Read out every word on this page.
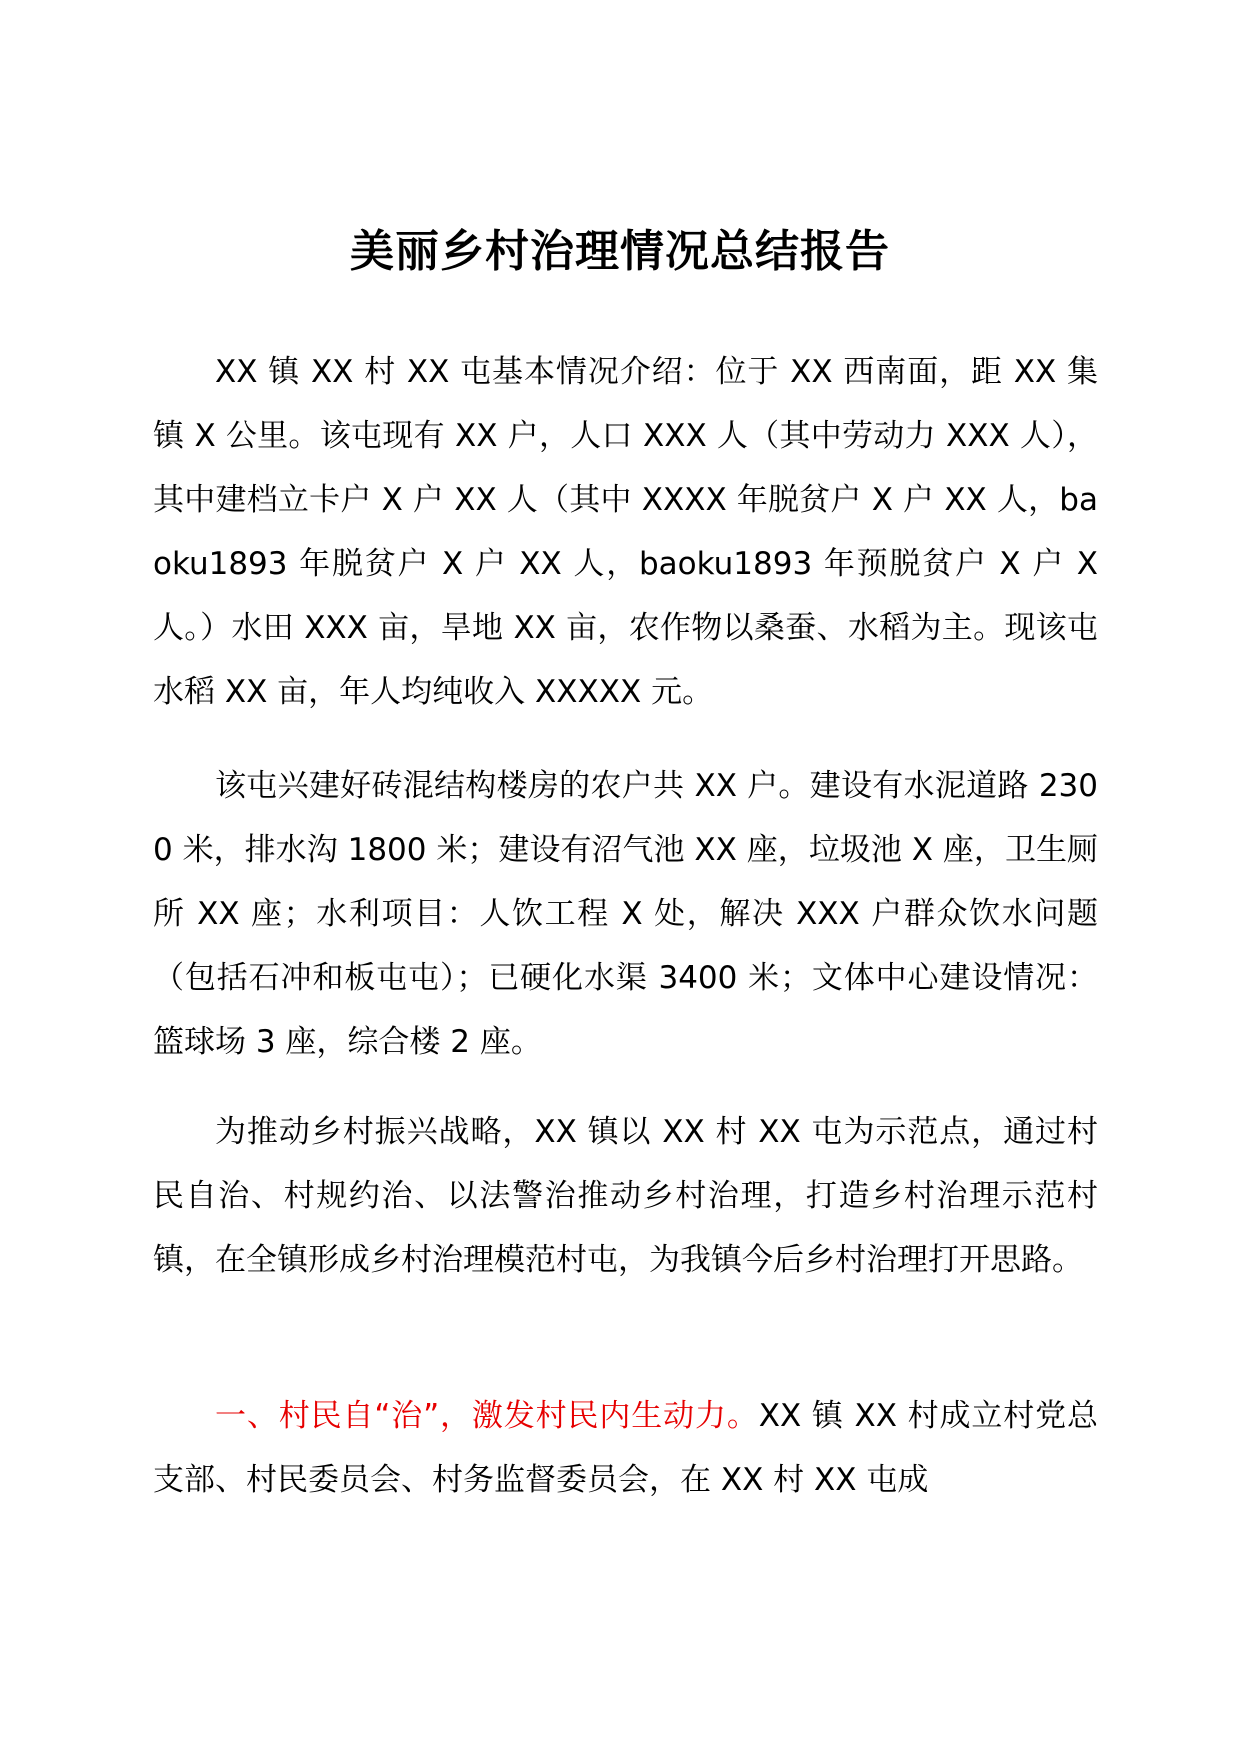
美丽乡村治理情况总结报告

XX 镇 XX 村 XX 屯基本情况介绍：位于 XX 西南面，距 XX 集镇 X 公里。该屯现有 XX 户，人口 XXX 人（其中劳动力 XXX 人），其中建档立卡户 X 户 XX 人（其中 XXXX 年脱贫户 X 户 XX 人，baoku1893 年脱贫户 X 户 XX 人，baoku1893 年预脱贫户 X 户 X 人。）水田 XXX 亩，旱地 XX 亩，农作物以桑蚕、水稻为主。现该屯水稻 XX 亩，年人均纯收入 XXXXX 元。

该屯兴建好砖混结构楼房的农户共 XX 户。建设有水泥道路 2300 米，排水沟 1800 米；建设有沼气池 XX 座，垃圾池 X 座，卫生厕所 XX 座；水利项目：人饮工程 X 处，解决 XXX 户群众饮水问题（包括石冲和板屯屯）；已硬化水渠 3400 米；文体中心建设情况：篮球场 3 座，综合楼 2 座。

为推动乡村振兴战略，XX 镇以 XX 村 XX 屯为示范点，通过村民自治、村规约治、以法警治推动乡村治理，打造乡村治理示范村镇，在全镇形成乡村治理模范村屯，为我镇今后乡村治理打开思路。

一、村民自“治”，激发村民内生动力。XX 镇 XX 村成立村党总支部、村民委员会、村务监督委员会，在 XX 村 XX 屯成
